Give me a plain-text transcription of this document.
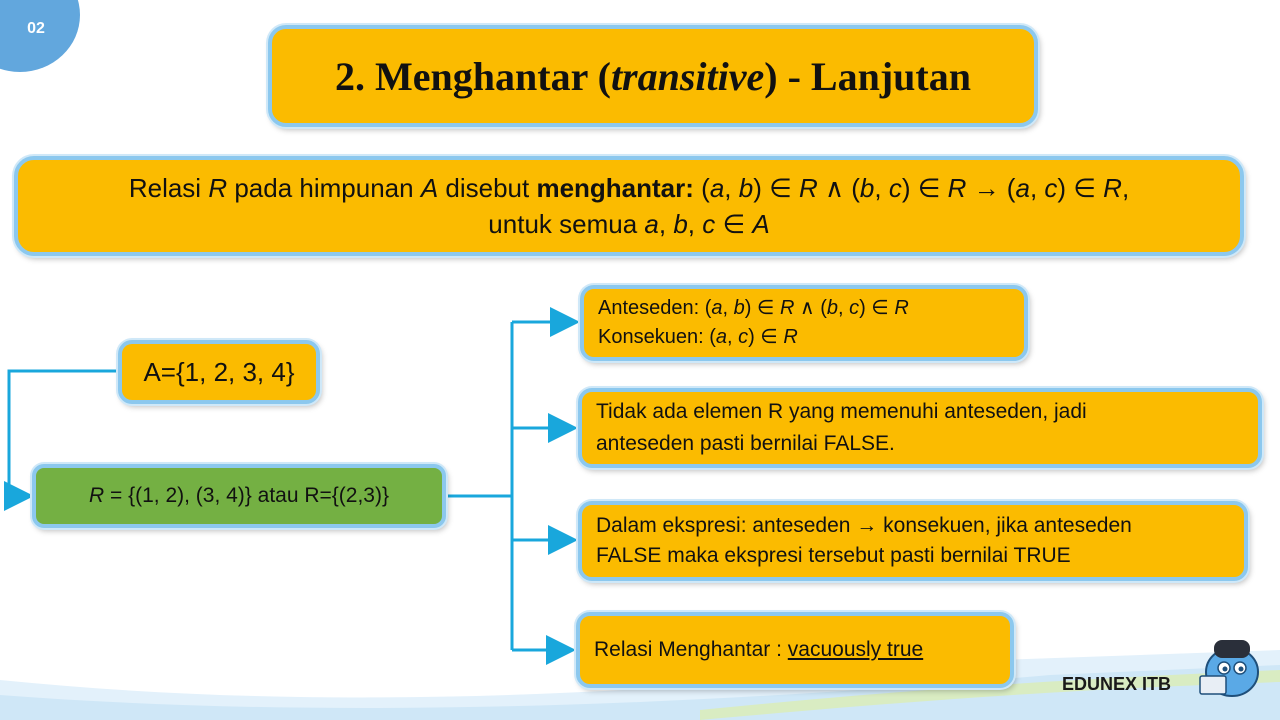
02
2. Menghantar ( transitive ) - Lanjutan
Relasi R pada himpunan A disebut menghantar: (a, b) ∈ R ∧ (b, c) ∈ R → (a, c) ∈ R,
untuk semua a, b, c ∈ A
A={1, 2, 3, 4}
R = {(1, 2), (3, 4)} atau R={(2,3)}
Anteseden: (a, b) ∈ R ∧ (b, c) ∈ R
Konsekuen: (a, c) ∈ R
Tidak ada elemen R yang memenuhi anteseden, jadi
anteseden pasti bernilai FALSE.
Dalam ekspresi: anteseden → konsekuen, jika anteseden
FALSE maka ekspresi tersebut pasti bernilai TRUE
Relasi Menghantar : vacuously true
EDUNEX ITB
